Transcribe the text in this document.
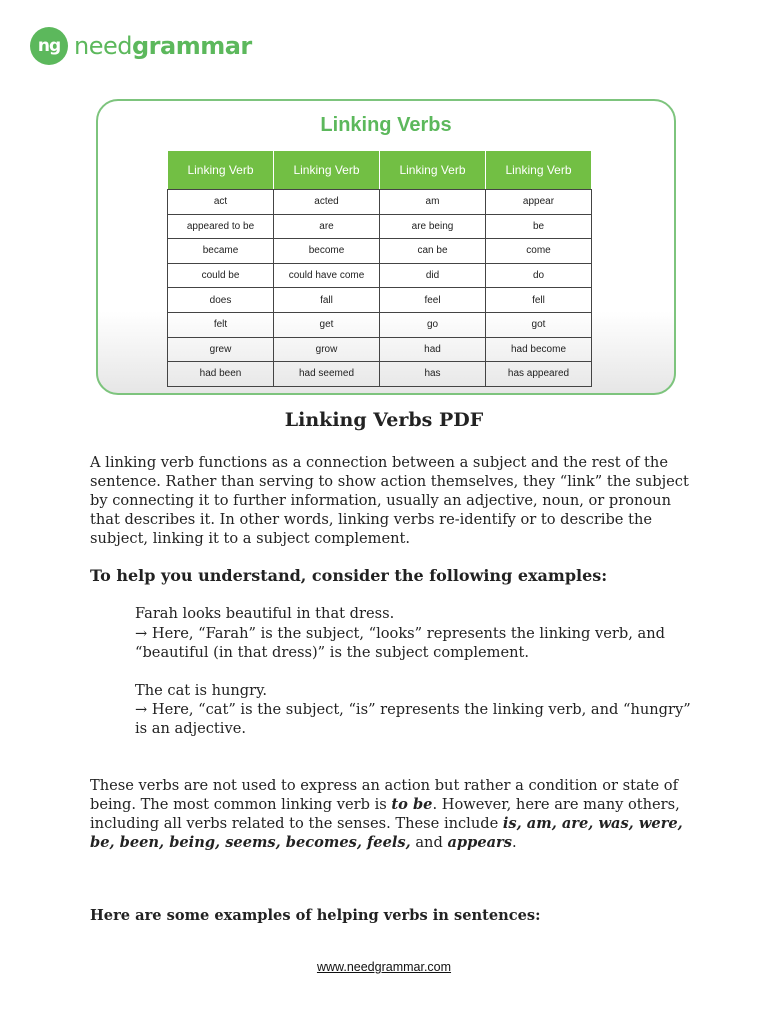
ng needgrammar
Linking Verbs
Linking Verb	Linking Verb	Linking Verb	Linking Verb
act	acted	am	appear
appeared to be	are	are being	be
became	become	can be	come
could be	could have come	did	do
does	fall	feel	fell
felt	get	go	got
grew	grow	had	had become
had been	had seemed	has	has appeared
Linking Verbs PDF

A linking verb functions as a connection between a subject and the rest of the sentence. Rather than serving to show action themselves, they “link” the subject by connecting it to further information, usually an adjective, noun, or pronoun that describes it. In other words, linking verbs re-identify or to describe the subject, linking it to a subject complement.

To help you understand, consider the following examples:

Farah looks beautiful in that dress.

→ Here, “Farah” is the subject, “looks” represents the linking verb, and “beautiful (in that dress)” is the subject complement.

The cat is hungry.

→ Here, “cat” is the subject, “is” represents the linking verb, and “hungry” is an adjective.

These verbs are not used to express an action but rather a condition or state of being. The most common linking verb is to be. However, here are many others, including all verbs related to the senses. These include is, am, are, was, were, be, been, being, seems, becomes, feels, and appears.

Here are some examples of helping verbs in sentences:

www.needgrammar.com
